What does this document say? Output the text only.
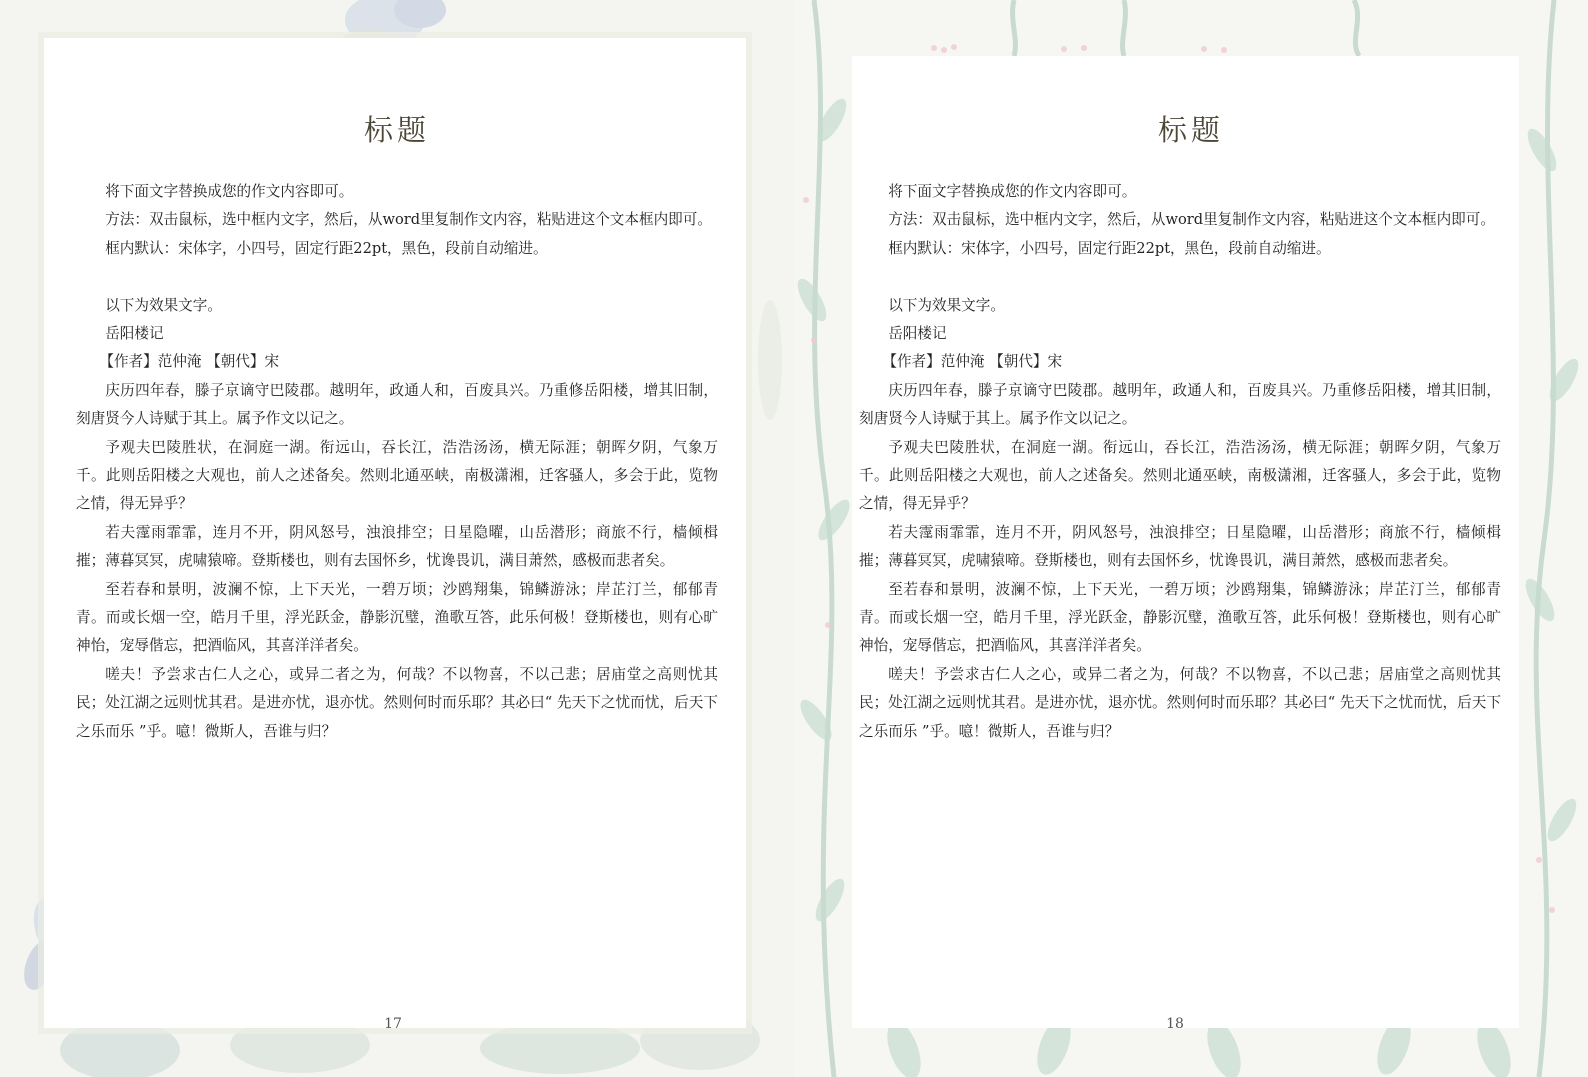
标题

将下面文字替换成您的作文内容即可。

方法：双击鼠标，选中框内文字，然后，从word里复制作文内容，粘贴进这个文本框内即可。

框内默认：宋体字，小四号，固定行距22pt，黑色，段前自动缩进。

以下为效果文字。

岳阳楼记

【作者】范仲淹 【朝代】宋

庆历四年春，滕子京谪守巴陵郡。越明年，政通人和，百废具兴。乃重修岳阳楼，增其旧制，刻唐贤今人诗赋于其上。属予作文以记之。

予观夫巴陵胜状，在洞庭一湖。衔远山，吞长江，浩浩汤汤，横无际涯；朝晖夕阴，气象万千。此则岳阳楼之大观也，前人之述备矣。然则北通巫峡，南极潇湘，迁客骚人，多会于此，览物之情，得无异乎？

若夫霪雨霏霏，连月不开，阴风怒号，浊浪排空；日星隐曜，山岳潜形；商旅不行，樯倾楫摧；薄暮冥冥，虎啸猿啼。登斯楼也，则有去国怀乡，忧谗畏讥，满目萧然，感极而悲者矣。

至若春和景明，波澜不惊，上下天光，一碧万顷；沙鸥翔集，锦鳞游泳；岸芷汀兰，郁郁青青。而或长烟一空，皓月千里，浮光跃金，静影沉璧，渔歌互答，此乐何极！登斯楼也，则有心旷神怡，宠辱偕忘，把酒临风，其喜洋洋者矣。

嗟夫！予尝求古仁人之心，或异二者之为，何哉？不以物喜，不以己悲；居庙堂之高则忧其民；处江湖之远则忧其君。是进亦忧，退亦忧。然则何时而乐耶？其必曰“ 先天下之忧而忧，后天下之乐而乐 ”乎。噫！微斯人，吾谁与归？

17
标题

将下面文字替换成您的作文内容即可。

方法：双击鼠标，选中框内文字，然后，从word里复制作文内容，粘贴进这个文本框内即可。

框内默认：宋体字，小四号，固定行距22pt，黑色，段前自动缩进。

以下为效果文字。

岳阳楼记

【作者】范仲淹 【朝代】宋

庆历四年春，滕子京谪守巴陵郡。越明年，政通人和，百废具兴。乃重修岳阳楼，增其旧制，刻唐贤今人诗赋于其上。属予作文以记之。

予观夫巴陵胜状，在洞庭一湖。衔远山，吞长江，浩浩汤汤，横无际涯；朝晖夕阴，气象万千。此则岳阳楼之大观也，前人之述备矣。然则北通巫峡，南极潇湘，迁客骚人，多会于此，览物之情，得无异乎？

若夫霪雨霏霏，连月不开，阴风怒号，浊浪排空；日星隐曜，山岳潜形；商旅不行，樯倾楫摧；薄暮冥冥，虎啸猿啼。登斯楼也，则有去国怀乡，忧谗畏讥，满目萧然，感极而悲者矣。

至若春和景明，波澜不惊，上下天光，一碧万顷；沙鸥翔集，锦鳞游泳；岸芷汀兰，郁郁青青。而或长烟一空，皓月千里，浮光跃金，静影沉璧，渔歌互答，此乐何极！登斯楼也，则有心旷神怡，宠辱偕忘，把酒临风，其喜洋洋者矣。

嗟夫！予尝求古仁人之心，或异二者之为，何哉？不以物喜，不以己悲；居庙堂之高则忧其民；处江湖之远则忧其君。是进亦忧，退亦忧。然则何时而乐耶？其必曰“ 先天下之忧而忧，后天下之乐而乐 ”乎。噫！微斯人，吾谁与归？

18
